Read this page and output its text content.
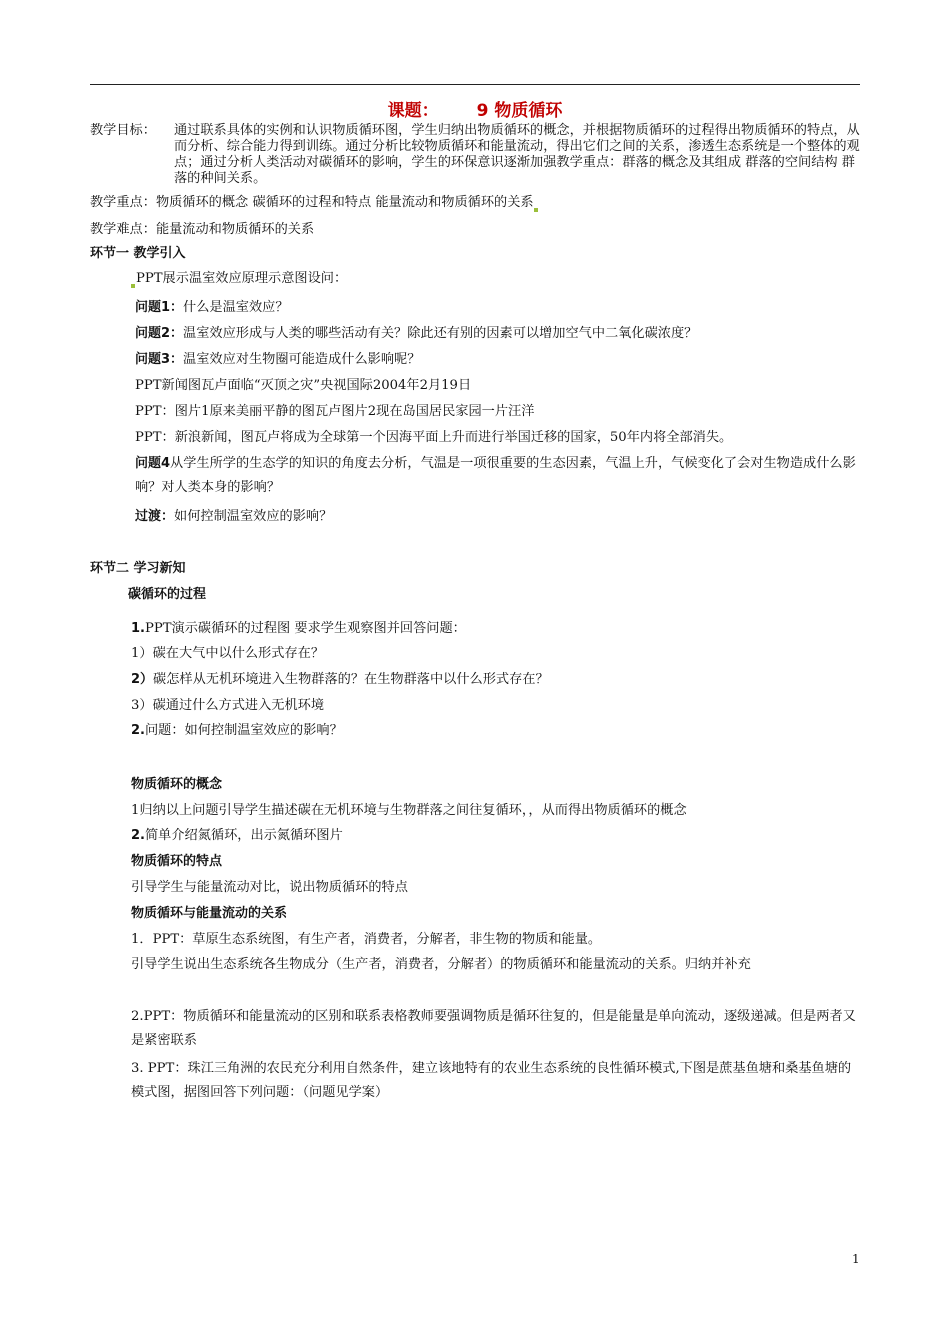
课题： 9 物质循环
教学目标： 通过联系具体的实例和认识物质循环图，学生归纳出物质循环的概念，并根据物质循环的过程得出物质循环的特点，从而分析、综合能力得到训练。通过分析比较物质循环和能量流动，得出它们之间的关系，渗透生态系统是一个整体的观点；通过分析人类活动对碳循环的影响，学生的环保意识逐渐加强教学重点：群落的概念及其组成 群落的空间结构 群落的种间关系。
教学重点：物质循环的概念 碳循环的过程和特点 能量流动和物质循环的关系
教学难点：能量流动和物质循环的关系
环节一 教学引入
PPT展示温室效应原理示意图设问：
问题1：什么是温室效应？
问题2：温室效应形成与人类的哪些活动有关？除此还有别的因素可以增加空气中二氧化碳浓度？
问题3：温室效应对生物圈可能造成什么影响呢？
PPT新闻图瓦卢面临“灭顶之灾”央视国际2004年2月19日
PPT：图片1原来美丽平静的图瓦卢图片2现在岛国居民家园一片汪洋
PPT：新浪新闻，图瓦卢将成为全球第一个因海平面上升而进行举国迁移的国家，50年内将全部消失。
问题4从学生所学的生态学的知识的角度去分析，气温是一项很重要的生态因素，气温上升，气候变化了会对生物造成什么影响？对人类本身的影响？
过渡：如何控制温室效应的影响？
环节二 学习新知
碳循环的过程
1.PPT演示碳循环的过程图 要求学生观察图并回答问题：
1）碳在大气中以什么形式存在？
2）碳怎样从无机环境进入生物群落的？在生物群落中以什么形式存在？
3）碳通过什么方式进入无机环境
2.问题：如何控制温室效应的影响？
物质循环的概念
1归纳以上问题引导学生描述碳在无机环境与生物群落之间往复循环，，从而得出物质循环的概念
2.简单介绍氮循环，出示氮循环图片
物质循环的特点
引导学生与能量流动对比，说出物质循环的特点
物质循环与能量流动的关系
1．PPT：草原生态系统图，有生产者，消费者，分解者，非生物的物质和能量。
引导学生说出生态系统各生物成分（生产者，消费者，分解者）的物质循环和能量流动的关系。归纳并补充
2.PPT：物质循环和能量流动的区别和联系表格教师要强调物质是循环往复的，但是能量是单向流动，逐级递减。但是两者又是紧密联系
3. PPT：珠江三角洲的农民充分利用自然条件，建立该地特有的农业生态系统的良性循环模式,下图是蔗基鱼塘和桑基鱼塘的模式图，据图回答下列问题：（问题见学案）
1
